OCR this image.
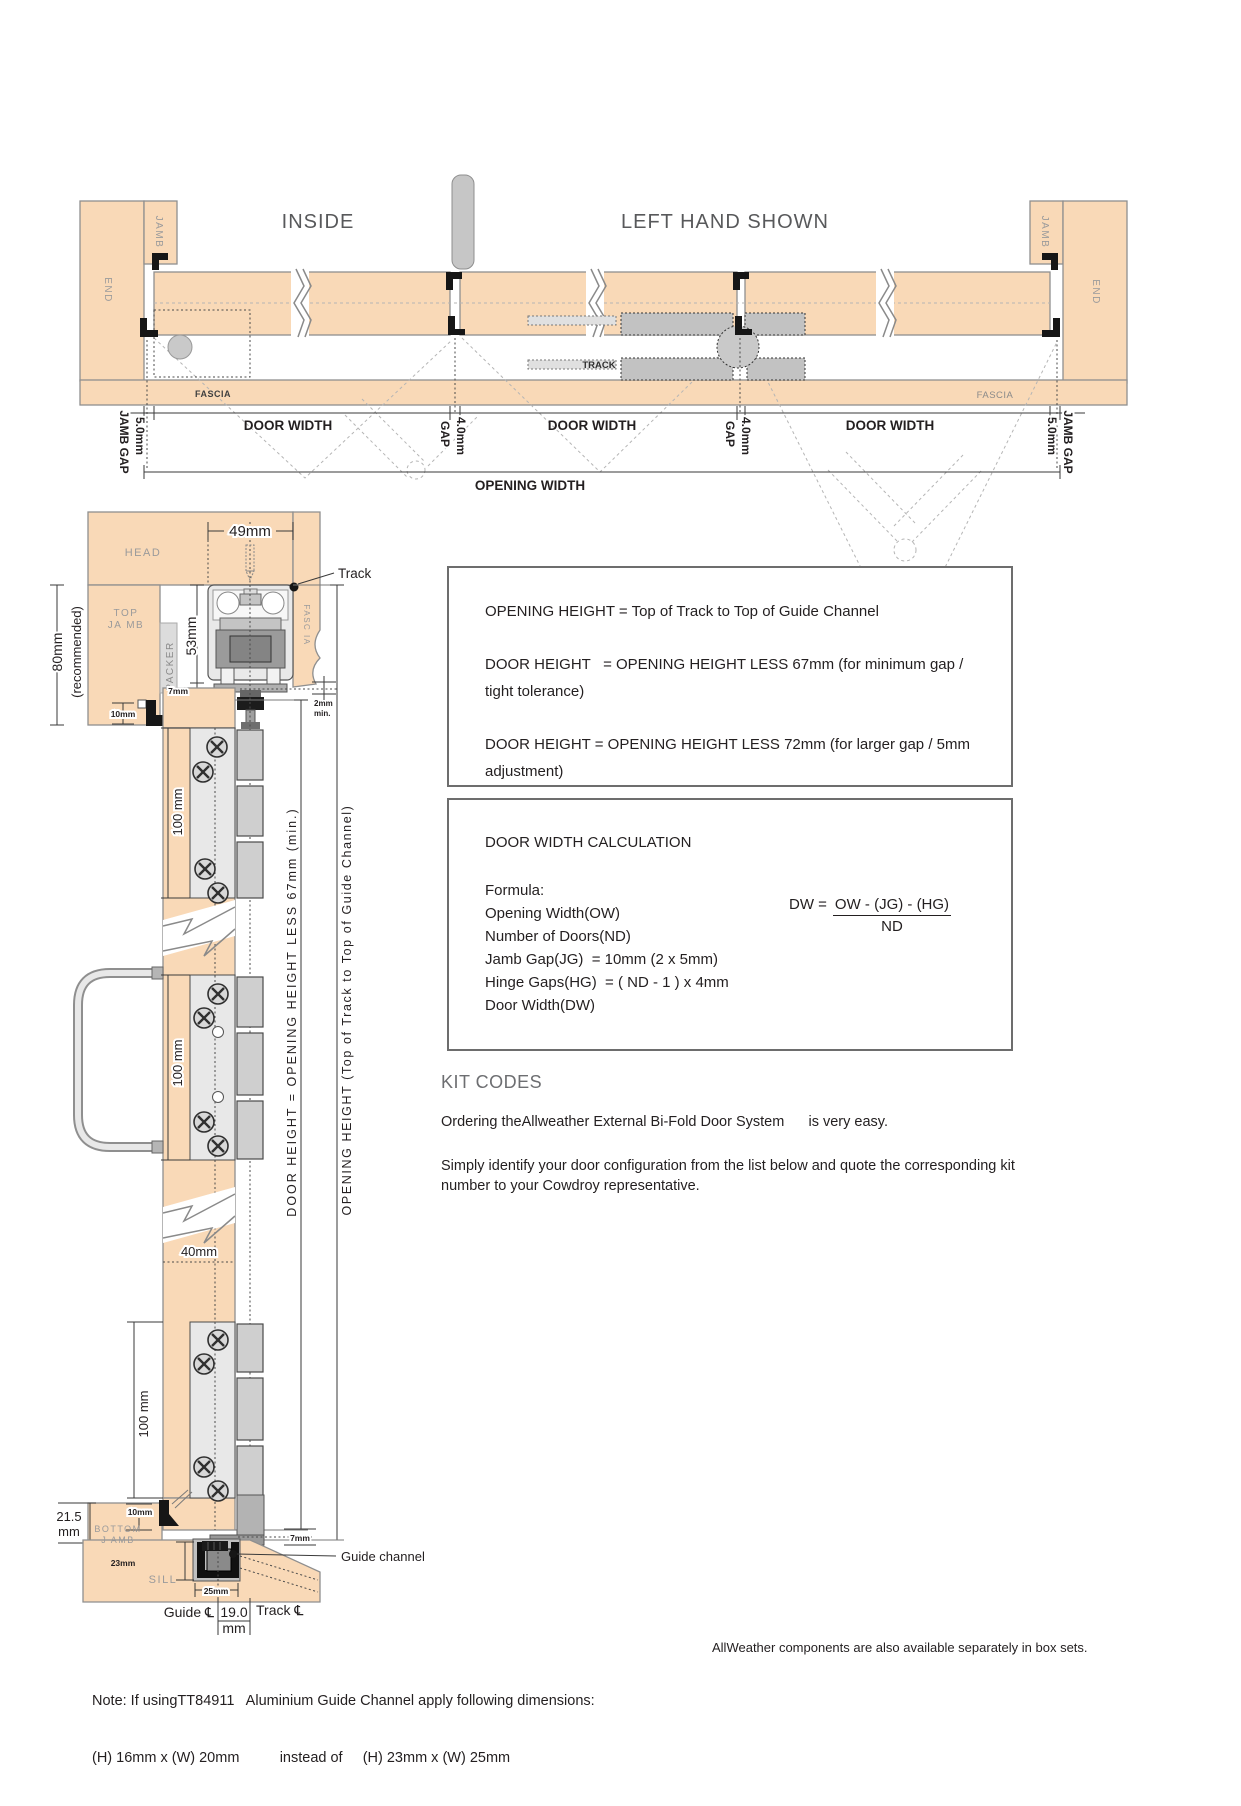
INSIDE	LEFT HAND SHOWN
JAMB
END
JAMB
END
FASCIA	FASCIA
TRACK
DOOR WIDTH	DOOR WIDTH	DOOR WIDTH
JAMB GAP 5.0mm	GAP 4.0mm	GAP 4.0mm	5.0mm JAMB GAP
OPENING WIDTH
HEAD
TOP
JA MB	FASC IA
PACKER
49mm
Track
80mm (recommended)	53mm
7mm
10mm
2mm
min.
100 mm
100 mm
100 mm
40mm
DOOR HEIGHT = OPENING HEIGHT LESS 67mm (min.)	OPENING HEIGHT (Top of Track to Top of Guide Channel)
21.5
mm BOTTOM
J AMB
10mm
7mm
23mm
SILL
25mm
Guide ℄ 19.0
mm
Track ℄
Guide channel

OPENING HEIGHT = Top of Track to Top of Guide Channel

DOOR HEIGHT   = OPENING HEIGHT LESS 67mm (for minimum gap / tight tolerance)

DOOR HEIGHT = OPENING HEIGHT LESS 72mm (for larger gap / 5mm adjustment)

DOOR WIDTH CALCULATION
Formula:
Opening Width(OW)
Number of Doors(ND)
Jamb Gap(JG)  = 10mm (2 x 5mm)
Hinge Gaps(HG)  = ( ND - 1 ) x 4mm
Door Width(DW)
DW = $\frac{OW - (JG) - (HG)}{ND}$
KIT CODES
Ordering theAllweather External Bi-Fold Door System      is very easy.
Simply identify your door configuration from the list below and quote the corresponding kit number to your Cowdroy representative.
AllWeather components are also available separately in box sets.

Note: If usingTT84911   Aluminium Guide Channel apply following dimensions:

(H) 16mm x (W) 20mm          instead of     (H) 23mm x (W) 25mm
